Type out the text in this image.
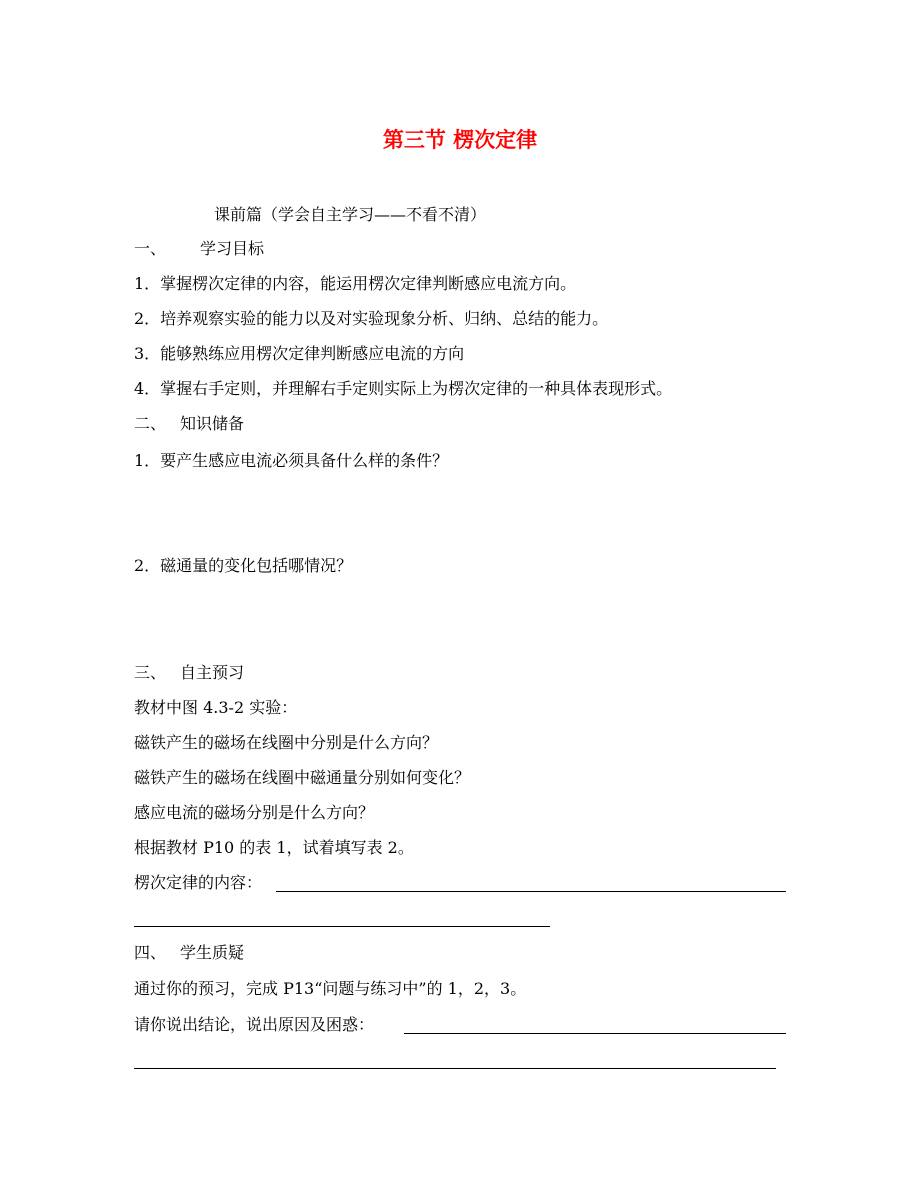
第三节 楞次定律
课前篇（学会自主学习——不看不清）
一、 学习目标
1．掌握楞次定律的内容，能运用楞次定律判断感应电流方向。
2．培养观察实验的能力以及对实验现象分析、归纳、总结的能力。
3．能够熟练应用楞次定律判断感应电流的方向
4．掌握右手定则，并理解右手定则实际上为楞次定律的一种具体表现形式。
二、 知识储备
1．要产生感应电流必须具备什么样的条件？
2．磁通量的变化包括哪情况？
三、 自主预习
教材中图 4.3-2 实验：
磁铁产生的磁场在线圈中分别是什么方向？
磁铁产生的磁场在线圈中磁通量分别如何变化？
感应电流的磁场分别是什么方向？
根据教材 P10 的表 1，试着填写表 2。
楞次定律的内容：
四、 学生质疑
通过你的预习，完成 P13“问题与练习中”的 1，2，3。
请你说出结论，说出原因及困惑：
